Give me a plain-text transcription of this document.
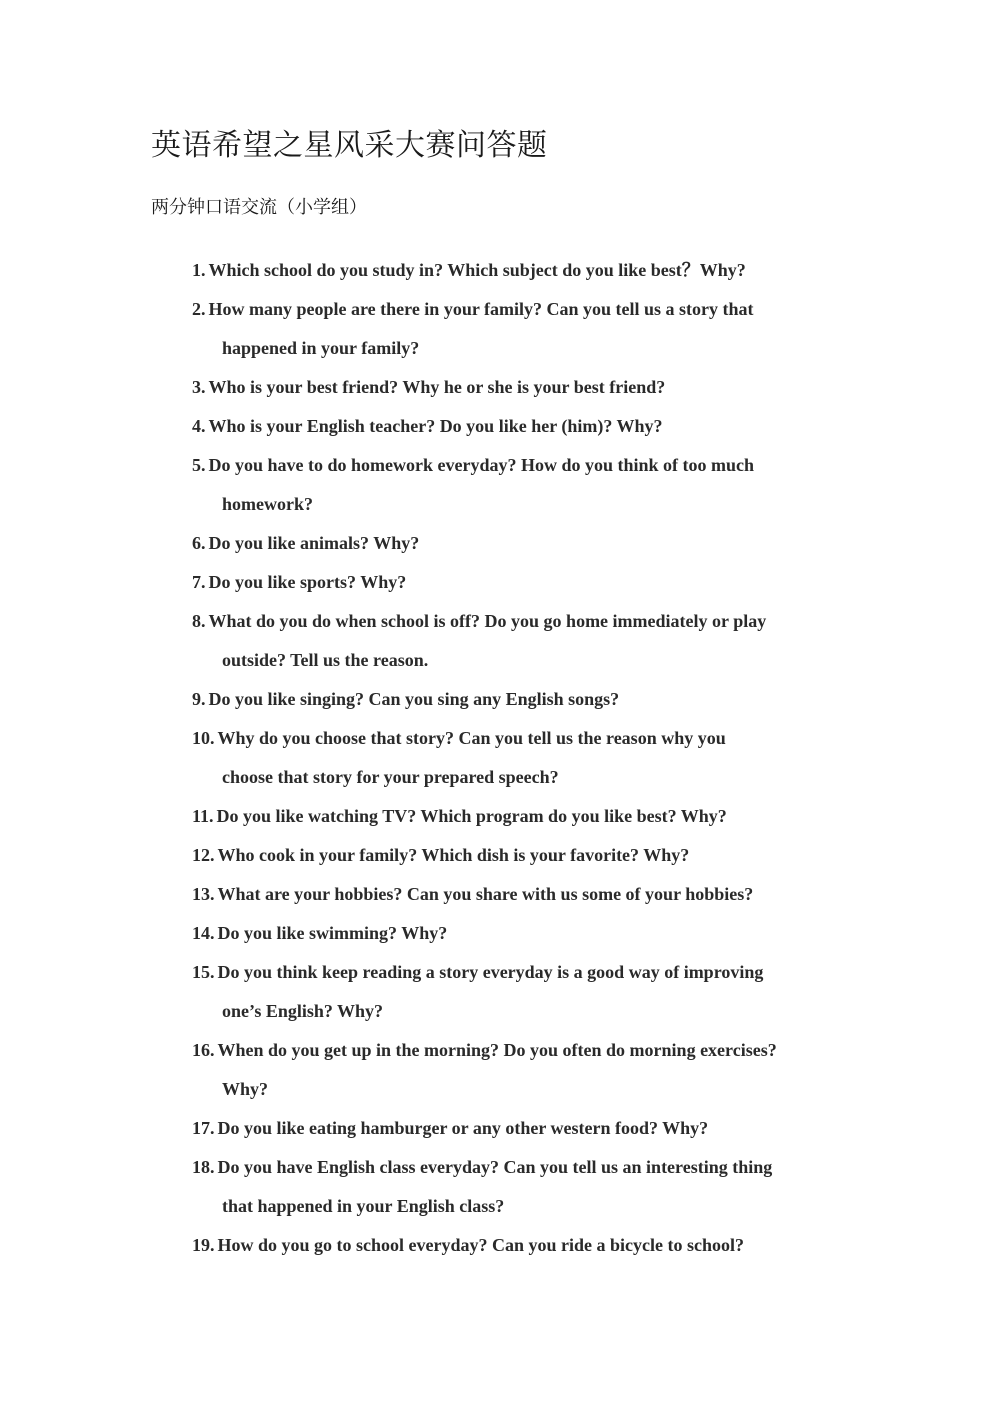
英语希望之星风采大赛问答题

两分钟口语交流（小学组）

1. Which school do you study in? Which subject do you like best？Why?
2. How many people are there in your family? Can you tell us a story that
happened in your family?
3. Who is your best friend? Why he or she is your best friend?
4. Who is your English teacher? Do you like her (him)? Why?
5. Do you have to do homework everyday? How do you think of too much
homework?
6. Do you like animals? Why?
7. Do you like sports? Why?
8. What do you do when school is off? Do you go home immediately or play
outside? Tell us the reason.
9. Do you like singing? Can you sing any English songs?
10. Why do you choose that story? Can you tell us the reason why you
choose that story for your prepared speech?
11. Do you like watching TV? Which program do you like best? Why?
12. Who cook in your family? Which dish is your favorite? Why?
13. What are your hobbies? Can you share with us some of your hobbies?
14. Do you like swimming? Why?
15. Do you think keep reading a story everyday is a good way of improving
one’s English? Why?
16. When do you get up in the morning? Do you often do morning exercises?
Why?
17. Do you like eating hamburger or any other western food? Why?
18. Do you have English class everyday? Can you tell us an interesting thing
that happened in your English class?
19. How do you go to school everyday? Can you ride a bicycle to school?
